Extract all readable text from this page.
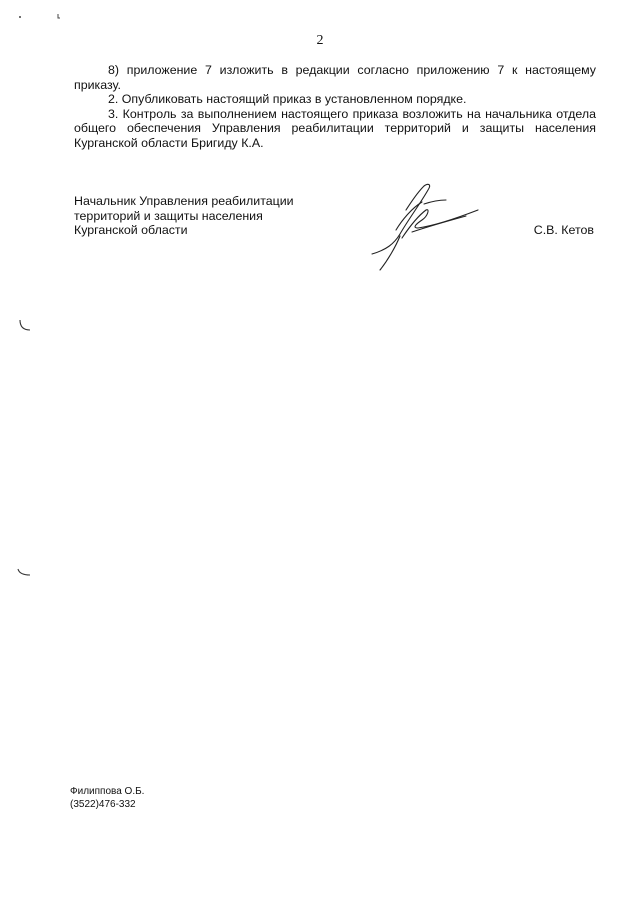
2

8) приложение 7 изложить в редакции согласно приложению 7 к настоящему приказу.

2. Опубликовать настоящий приказ в установленном порядке.

3. Контроль за выполнением настоящего приказа возложить на начальника отдела общего обеспечения Управления реабилитации территорий и защиты населения Курганской области Бригиду К.А.

Начальник Управления реабилитации
территорий и защиты населения
Курганской области	С.В. Кетов
Филиппова О.Б.
(3522)476-332
